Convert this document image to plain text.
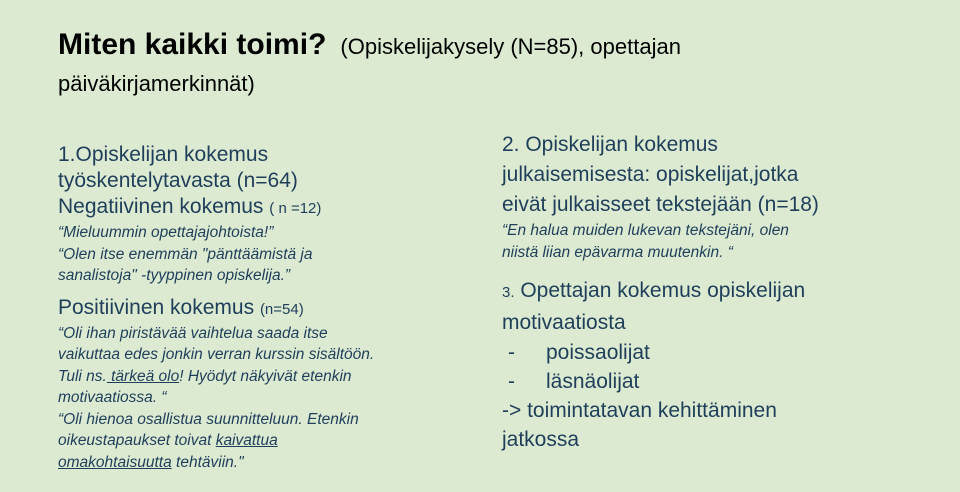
Miten kaikki toimi? (Opiskelijakysely (N=85), opettajan
päiväkirjamerkinnät)
1.Opiskelijan kokemus
työskentelytavasta (n=64)
Negatiivinen kokemus ( n =12)
“Mieluummin opettajajohtoista!”
“Olen itse enemmän "pänttäämistä ja
sanalistoja" -tyyppinen opiskelija.”
Positiivinen kokemus (n=54)
“Oli ihan piristävää vaihtelua saada itse
vaikuttaa edes jonkin verran kurssin sisältöön.
Tuli ns. tärkeä olo! Hyödyt näkyivät etenkin
motivaatiossa. “
“Oli hienoa osallistua suunnitteluun. Etenkin
oikeustapaukset toivat kaivattua
omakohtaisuutta tehtäviin."
2. Opiskelijan kokemus
julkaisemisesta: opiskelijat,jotka
eivät julkaisseet tekstejään (n=18)
“En halua muiden lukevan tekstejäni, olen
niistä liian epävarma muutenkin. “
3. Opettajan kokemus opiskelijan
motivaatiosta
- poissaolijat
- läsnäolijat
-> toimintatavan kehittäminen
jatkossa
